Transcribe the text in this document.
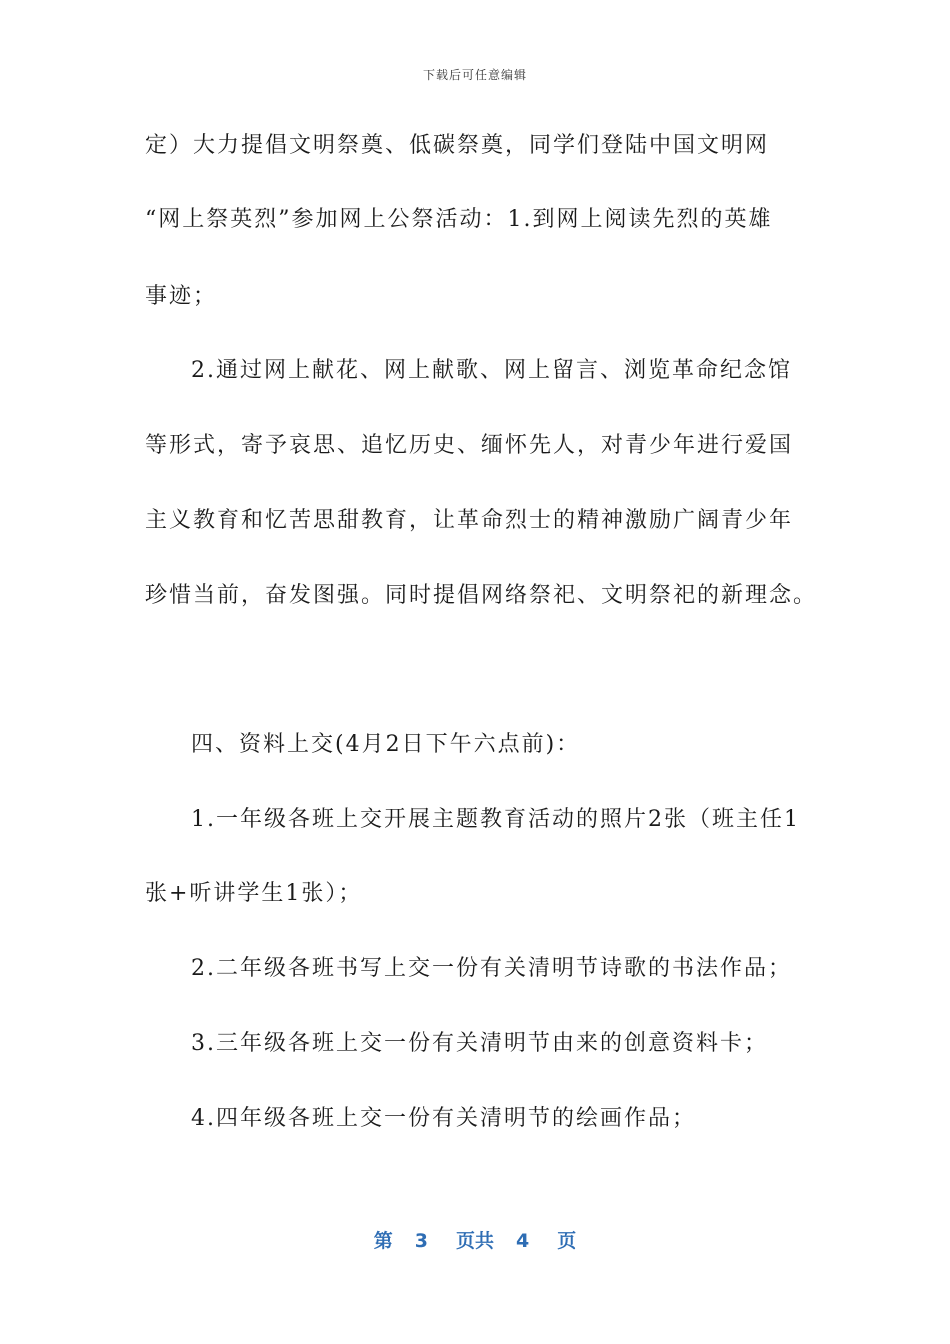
下载后可任意编辑
定）大力提倡文明祭奠、低碳祭奠，同学们登陆中国文明网
“网上祭英烈”参加网上公祭活动：1.到网上阅读先烈的英雄
事迹；
2.通过网上献花、网上献歌、网上留言、浏览革命纪念馆
等形式，寄予哀思、追忆历史、缅怀先人，对青少年进行爱国
主义教育和忆苦思甜教育，让革命烈士的精神激励广阔青少年
珍惜当前，奋发图强。同时提倡网络祭祀、文明祭祀的新理念。
四、资料上交(4月2日下午六点前)：
1.一年级各班上交开展主题教育活动的照片2张（班主任1
张+听讲学生1张）；
2.二年级各班书写上交一份有关清明节诗歌的书法作品；
3.三年级各班上交一份有关清明节由来的创意资料卡；
4.四年级各班上交一份有关清明节的绘画作品；
第 3 页共 4 页
